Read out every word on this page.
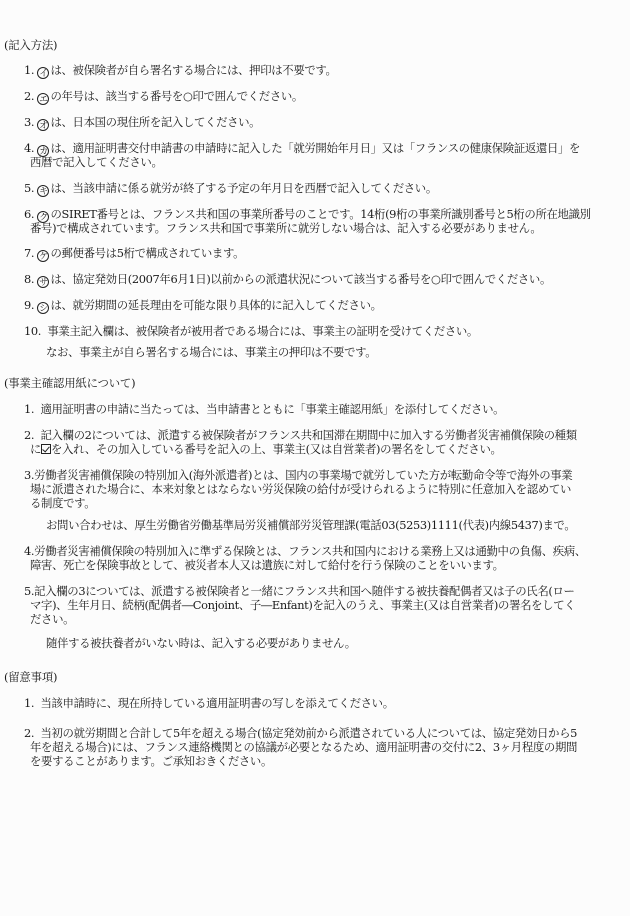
(記入方法)
1. イ は、被保険者が自ら署名する場合には、押印は不要です。
2. エ の年号は、該当する番号を○印で囲んでください。
3. オ は、日本国の現住所を記入してください。
4. カ は、適用証明書交付申請書の申請時に記入した「就労開始年月日」又は「フランスの健康保険証返還日」を
西暦で記入してください。
5. キ は、当該申請に係る就労が終了する予定の年月日を西暦で記入してください。
6. ク のSIRET番号とは、フランス共和国の事業所番号のことです。14桁(9桁の事業所識別番号と5桁の所在地識別
番号)で構成されています。フランス共和国で事業所に就労しない場合は、記入する必要がありません。
7. ケ の郵便番号は5桁で構成されています。
8. サ は、協定発効日(2007年6月1日)以前からの派遣状況について該当する番号を○印で囲んでください。
9. シ は、就労期間の延長理由を可能な限り具体的に記入してください。
10. 事業主記入欄は、被保険者が被用者である場合には、事業主の証明を受けてください。
なお、事業主が自ら署名する場合には、事業主の押印は不要です。
(事業主確認用紙について)
1. 適用証明書の申請に当たっては、当申請書とともに「事業主確認用紙」を添付してください。
2. 記入欄の2については、派遣する被保険者がフランス共和国滞在期間中に加入する労働者災害補償保険の種類
に を入れ、その加入している番号を記入の上、事業主(又は自営業者)の署名をしてください。
3.労働者災害補償保険の特別加入(海外派遣者)とは、国内の事業場で就労していた方が転勤命令等で海外の事業
場に派遣された場合に、本来対象とはならない労災保険の給付が受けられるように特別に任意加入を認めてい
る制度です。
お問い合わせは、厚生労働省労働基準局労災補償部労災管理課(電話03(5253)1111(代表)内線5437)まで。
4.労働者災害補償保険の特別加入に準ずる保険とは、フランス共和国内における業務上又は通勤中の負傷、疾病、
障害、死亡を保険事故として、被災者本人又は遺族に対して給付を行う保険のことをいいます。
5.記入欄の3については、派遣する被保険者と一緒にフランス共和国へ随伴する被扶養配偶者又は子の氏名(ロー
マ字)、生年月日、続柄(配偶者―Conjoint、子―Enfant)を記入のうえ、事業主(又は自営業者)の署名をしてく
ださい。
随伴する被扶養者がいない時は、記入する必要がありません。
(留意事項)
1. 当該申請時に、現在所持している適用証明書の写しを添えてください。
2. 当初の就労期間と合計して5年を超える場合(協定発効前から派遣されている人については、協定発効日から5
年を超える場合)には、フランス連絡機関との協議が必要となるため、適用証明書の交付に2、3ヶ月程度の期間
を要することがあります。ご承知おきください。
